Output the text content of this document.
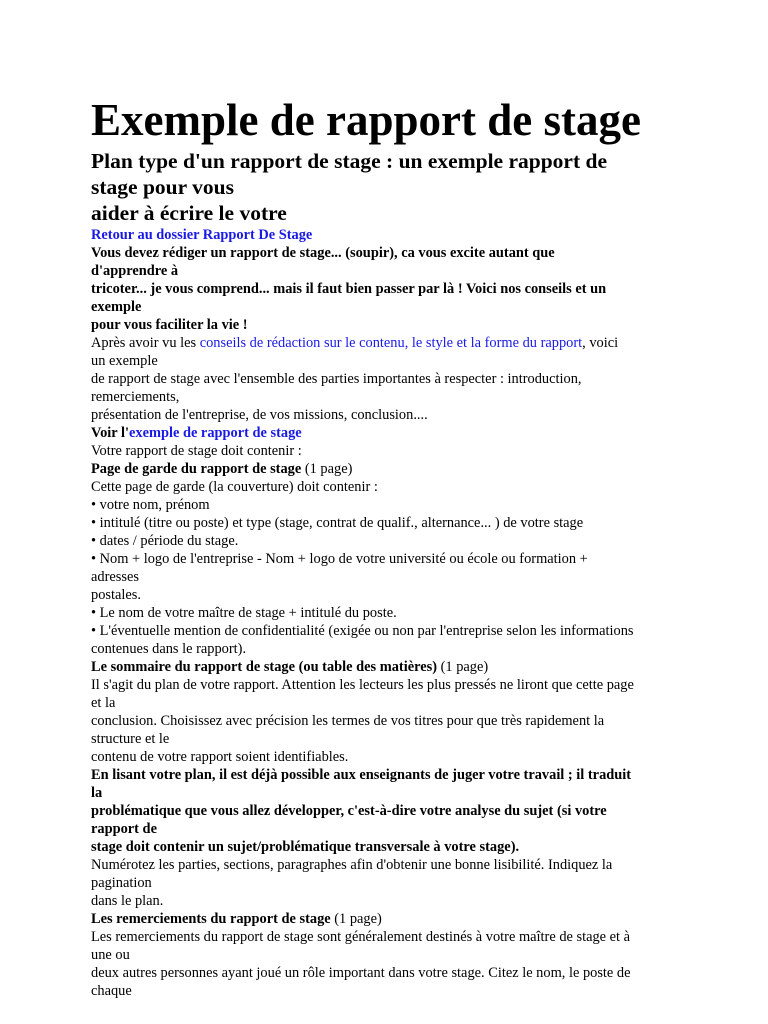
Exemple de rapport de stage
Plan type d'un rapport de stage : un exemple rapport de
stage pour vous
aider à écrire le votre
Retour au dossier Rapport De Stage
Vous devez rédiger un rapport de stage... (soupir), ca vous excite autant que
d'apprendre à
tricoter... je vous comprend... mais il faut bien passer par là ! Voici nos conseils et un
exemple
pour vous faciliter la vie !
Après avoir vu les conseils de rédaction sur le contenu, le style et la forme du rapport, voici
un exemple
de rapport de stage avec l'ensemble des parties importantes à respecter : introduction,
remerciements,
présentation de l'entreprise, de vos missions, conclusion....
Voir l'exemple de rapport de stage
Votre rapport de stage doit contenir :
Page de garde du rapport de stage (1 page)
Cette page de garde (la couverture) doit contenir :
• votre nom, prénom
• intitulé (titre ou poste) et type (stage, contrat de qualif., alternance... ) de votre stage
• dates / période du stage.
• Nom + logo de l'entreprise - Nom + logo de votre université ou école ou formation +
adresses
postales.
• Le nom de votre maître de stage + intitulé du poste.
• L'éventuelle mention de confidentialité (exigée ou non par l'entreprise selon les informations
contenues dans le rapport).
Le sommaire du rapport de stage (ou table des matières) (1 page)
Il s'agit du plan de votre rapport. Attention les lecteurs les plus pressés ne liront que cette page
et la
conclusion. Choisissez avec précision les termes de vos titres pour que très rapidement la
structure et le
contenu de votre rapport soient identifiables.
En lisant votre plan, il est déjà possible aux enseignants de juger votre travail ; il traduit
la
problématique que vous allez développer, c'est-à-dire votre analyse du sujet (si votre
rapport de
stage doit contenir un sujet/problématique transversale à votre stage).
Numérotez les parties, sections, paragraphes afin d'obtenir une bonne lisibilité. Indiquez la
pagination
dans le plan.
Les remerciements du rapport de stage (1 page)
Les remerciements du rapport de stage sont généralement destinés à votre maître de stage et à
une ou
deux autres personnes ayant joué un rôle important dans votre stage. Citez le nom, le poste de
chaque
